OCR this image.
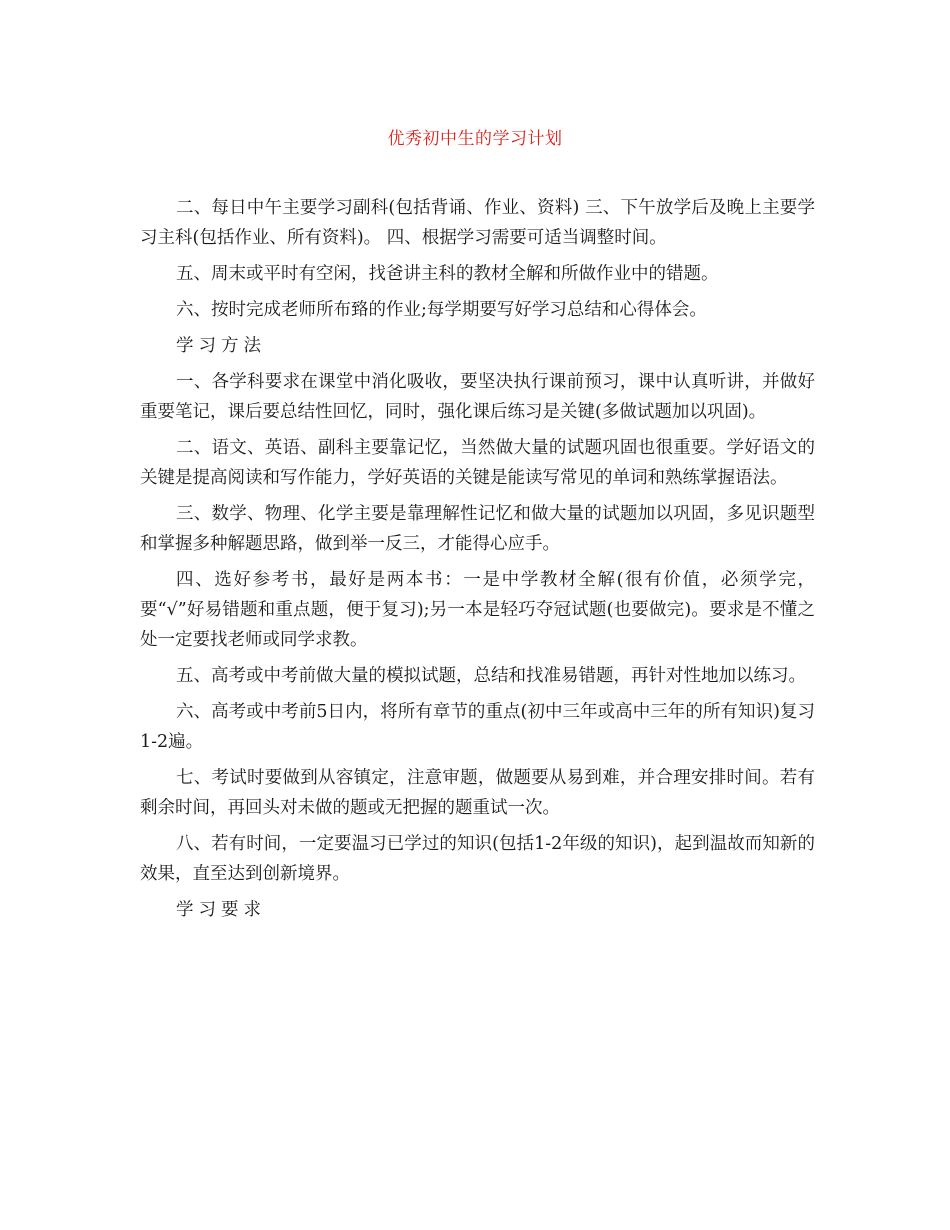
优秀初中生的学习计划

二、每日中午主要学习副科(包括背诵、作业、资料) 三、下午放学后及晚上主要学习主科(包括作业、所有资料)。 四、根据学习需要可适当调整时间。

五、周末或平时有空闲，找爸讲主科的教材全解和所做作业中的错题。

六、按时完成老师所布臵的作业;每学期要写好学习总结和心得体会。

学习方法

一、各学科要求在课堂中消化吸收，要坚决执行课前预习，课中认真听讲，并做好重要笔记，课后要总结性回忆，同时，强化课后练习是关键(多做试题加以巩固)。

二、语文、英语、副科主要靠记忆，当然做大量的试题巩固也很重要。学好语文的关键是提高阅读和写作能力，学好英语的关键是能读写常见的单词和熟练掌握语法。

三、数学、物理、化学主要是靠理解性记忆和做大量的试题加以巩固，多见识题型和掌握多种解题思路，做到举一反三，才能得心应手。

四、选好参考书，最好是两本书：一是中学教材全解(很有价值，必须学完，要“√”好易错题和重点题，便于复习);另一本是轻巧夺冠试题(也要做完)。要求是不懂之处一定要找老师或同学求教。

五、高考或中考前做大量的模拟试题，总结和找准易错题，再针对性地加以练习。

六、高考或中考前5日内，将所有章节的重点(初中三年或高中三年的所有知识)复习1-2遍。

七、考试时要做到从容镇定，注意审题，做题要从易到难，并合理安排时间。若有剩余时间，再回头对未做的题或无把握的题重试一次。

八、若有时间，一定要温习已学过的知识(包括1-2年级的知识)，起到温故而知新的效果，直至达到创新境界。

学习要求
